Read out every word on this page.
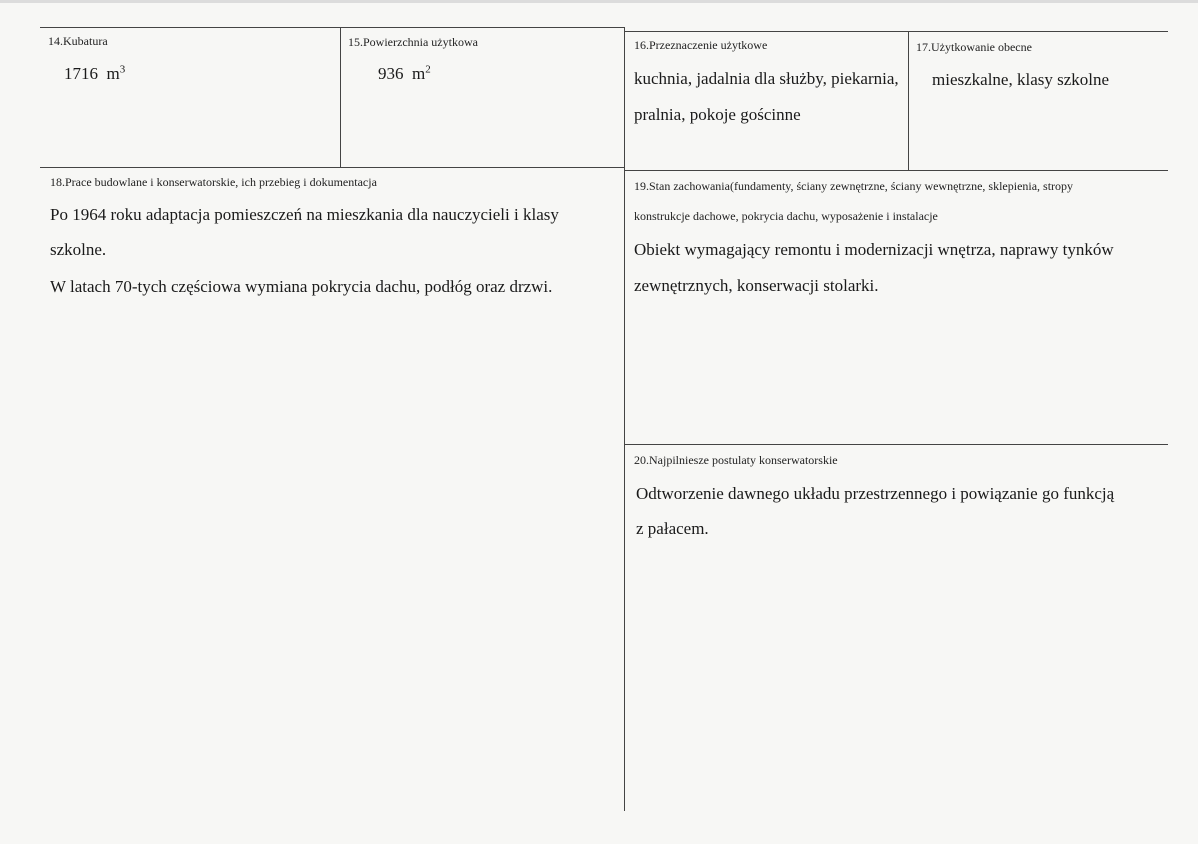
14.Kubatura
1716 $m^3$
15.Powierzchnia użytkowa
936 $m^2$
16.Przeznaczenie użytkowe
kuchnia, jadalnia dla służby, piekarnia,
pralnia, pokoje gościnne
17.Użytkowanie obecne
mieszkalne, klasy szkolne
18.Prace budowlane i konserwatorskie, ich przebieg i dokumentacja
Po 1964 roku adaptacja pomieszczeń na mieszkania dla nauczycieli i klasy
szkolne.
W latach 70-tych częściowa wymiana pokrycia dachu, podłóg oraz drzwi.
19.Stan zachowania(fundamenty, ściany zewnętrzne, ściany wewnętrzne, sklepienia, stropy
konstrukcje dachowe, pokrycia dachu, wyposażenie i instalacje
Obiekt wymagający remontu i modernizacji wnętrza, naprawy tynków
zewnętrznych, konserwacji stolarki.
20.Najpilniesze postulaty konserwatorskie
Odtworzenie dawnego układu przestrzennego i powiązanie go funkcją
z pałacem.
